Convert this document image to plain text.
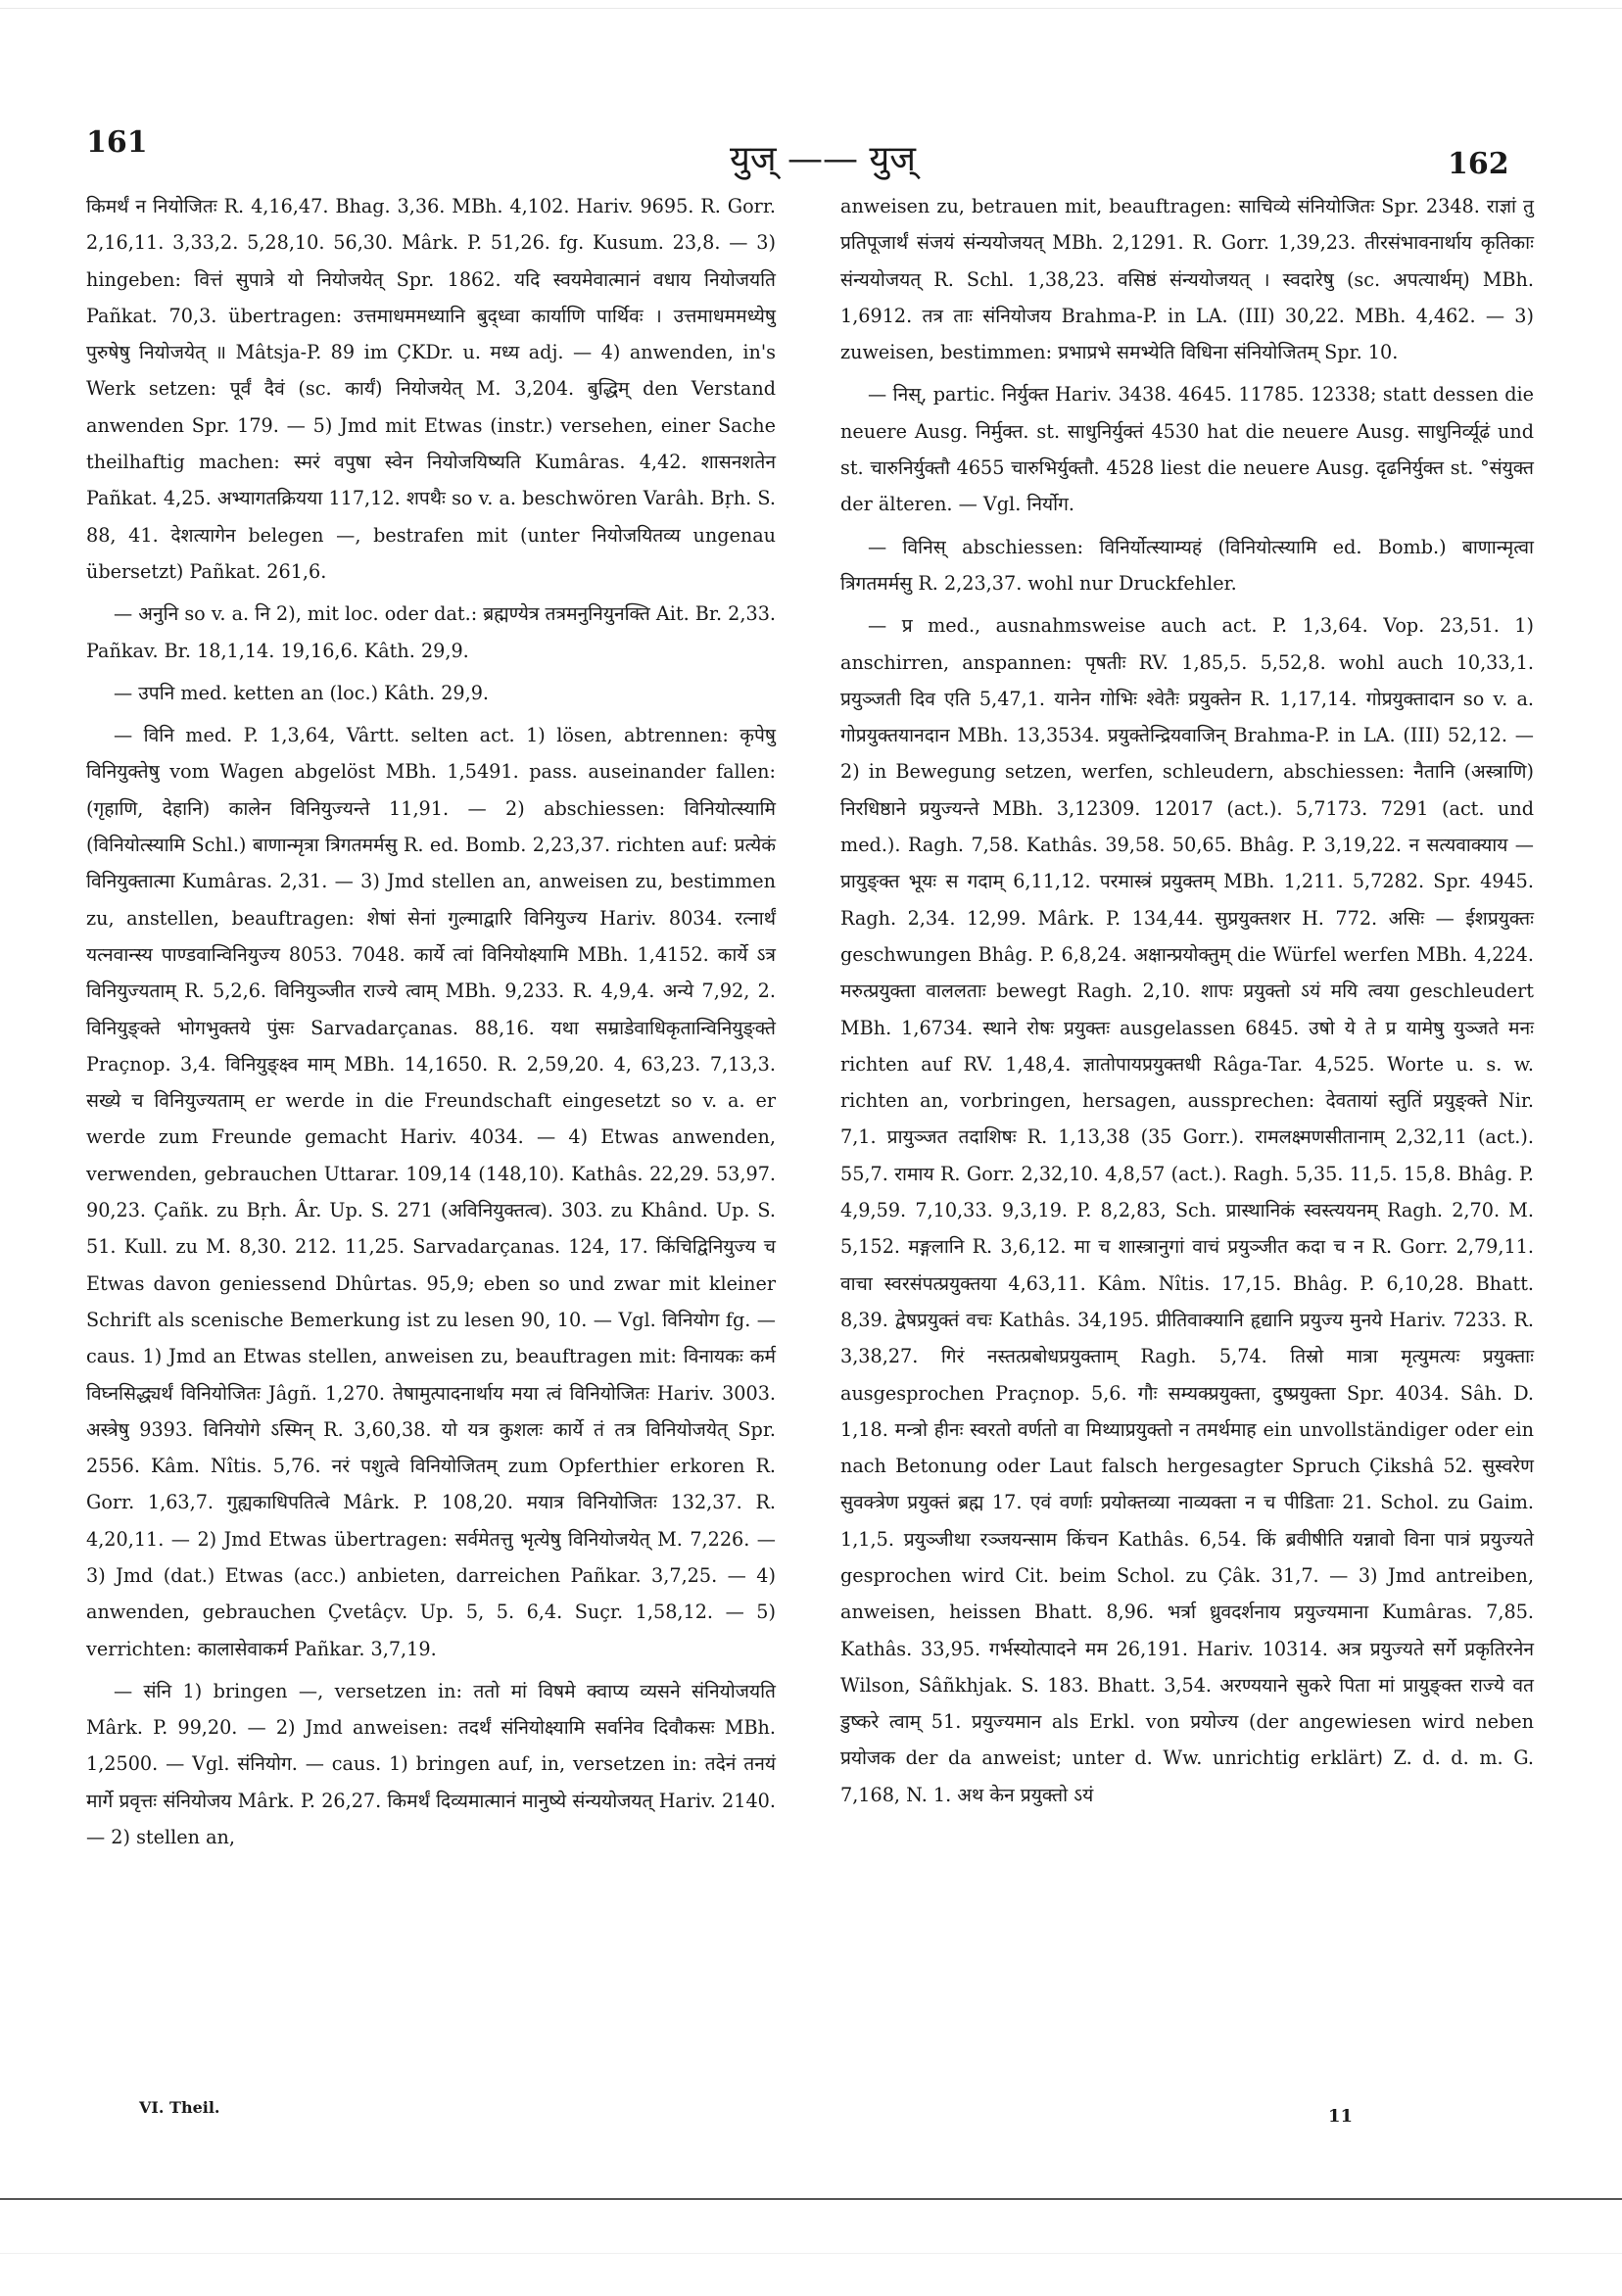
161	युज् —— युज्	162

किमर्थं न नियोजितः R. 4,16,47. Bhag. 3,36. MBh. 4,102. Hariv. 9695. R. Gorr. 2,16,11. 3,33,2. 5,28,10. 56,30. Mârk. P. 51,26. fg. Kusum. 23,8. — 3) hingeben: वित्तं सुपात्रे यो नियोजयेत् Spr. 1862. यदि स्वयमेवात्मानं वधाय नियोजयति Pañkat. 70,3. übertragen: उत्तमाधममध्यानि बुद्ध्वा कार्याणि पार्थिवः । उत्तमाधममध्येषु पुरुषेषु नियोजयेत् ॥ Mâtsja-P. 89 im ÇKDr. u. मध्य adj. — 4) anwenden, in's Werk setzen: पूर्वं दैवं (sc. कार्यं) नियोजयेत् M. 3,204. बुद्धिम् den Verstand anwenden Spr. 179. — 5) Jmd mit Etwas (instr.) versehen, einer Sache theilhaftig machen: स्मरं वपुषा स्वेन नियोजयिष्यति Kumâras. 4,42. शासनशतेन Pañkat. 4,25. अभ्यागतक्रियया 117,12. शपथैः so v. a. beschwören Varâh. Bṛh. S. 88, 41. देशत्यागेन belegen —, bestrafen mit (unter नियोजयितव्य ungenau übersetzt) Pañkat. 261,6.

— अनुनि so v. a. नि 2), mit loc. oder dat.: ब्रह्मण्येत्र तत्रमनुनियुनक्ति Ait. Br. 2,33. Pañkav. Br. 18,1,14. 19,16,6. Kâth. 29,9.

— उपनि med. ketten an (loc.) Kâth. 29,9.

— विनि med. P. 1,3,64, Vârtt. selten act. 1) lösen, abtrennen: कृपेषु विनियुक्तेषु vom Wagen abgelöst MBh. 1,5491. pass. auseinander fallen: (गृहाणि, देहानि) कालेन विनियुज्यन्ते 11,91. — 2) abschiessen: विनियोत्स्यामि (विनियोत्स्यामि Schl.) बाणान्मृत्रा त्रिगतमर्मसु R. ed. Bomb. 2,23,37. richten auf: प्रत्येकं विनियुक्तात्मा Kumâras. 2,31. — 3) Jmd stellen an, anweisen zu, bestimmen zu, anstellen, beauftragen: शेषां सेनां गुल्माद्वारि विनियुज्य Hariv. 8034. रत्नार्थं यत्नवान्स्य पाण्डवान्विनियुज्य 8053. 7048. कार्ये त्वां विनियोक्ष्यामि MBh. 1,4152. कार्ये ऽत्र विनियुज्यताम् R. 5,2,6. विनियुञ्जीत राज्ये त्वाम् MBh. 9,233. R. 4,9,4. अन्ये 7,92, 2. विनियुङ्क्ते भोगभुक्तये पुंसः Sarvadarçanas. 88,16. यथा सम्राडेवाधिकृतान्विनियुङ्क्ते Praçnop. 3,4. विनियुङ्क्ष्व माम् MBh. 14,1650. R. 2,59,20. 4, 63,23. 7,13,3. सख्ये च विनियुज्यताम् er werde in die Freundschaft eingesetzt so v. a. er werde zum Freunde gemacht Hariv. 4034. — 4) Etwas anwenden, verwenden, gebrauchen Uttarar. 109,14 (148,10). Kathâs. 22,29. 53,97. 90,23. Çañk. zu Bṛh. Âr. Up. S. 271 (अविनियुक्तत्व). 303. zu Khând. Up. S. 51. Kull. zu M. 8,30. 212. 11,25. Sarvadarçanas. 124, 17. किंचिद्विनियुज्य च Etwas davon geniessend Dhûrtas. 95,9; eben so und zwar mit kleiner Schrift als scenische Bemerkung ist zu lesen 90, 10. — Vgl. विनियोग fg. — caus. 1) Jmd an Etwas stellen, anweisen zu, beauftragen mit: विनायकः कर्म विघ्नसिद्ध्यर्थं विनियोजितः Jâgñ. 1,270. तेषामुत्पादनार्थाय मया त्वं विनियोजितः Hariv. 3003. अस्त्रेषु 9393. विनियोगे ऽस्मिन् R. 3,60,38. यो यत्र कुशलः कार्ये तं तत्र विनियोजयेत् Spr. 2556. Kâm. Nîtis. 5,76. नरं पशुत्वे विनियोजितम् zum Opferthier erkoren R. Gorr. 1,63,7. गुह्यकाधिपतित्वे Mârk. P. 108,20. मयात्र विनियोजितः 132,37. R. 4,20,11. — 2) Jmd Etwas übertragen: सर्वमेतत्तु भृत्येषु विनियोजयेत् M. 7,226. — 3) Jmd (dat.) Etwas (acc.) anbieten, darreichen Pañkar. 3,7,25. — 4) anwenden, gebrauchen Çvetâçv. Up. 5, 5. 6,4. Suçr. 1,58,12. — 5) verrichten: कालासेवाकर्म Pañkar. 3,7,19.

— संनि 1) bringen —, versetzen in: ततो मां विषमे क्वाप्य व्यसने संनियोजयति Mârk. P. 99,20. — 2) Jmd anweisen: तदर्थं संनियोक्ष्यामि सर्वानेव दिवौकसः MBh. 1,2500. — Vgl. संनियोग. — caus. 1) bringen auf, in, versetzen in: तदेनं तनयं मार्गे प्रवृत्तः संनियोजय Mârk. P. 26,27. किमर्थं दिव्यमात्मानं मानुष्ये संन्ययोजयत् Hariv. 2140. — 2) stellen an,

anweisen zu, betrauen mit, beauftragen: साचिव्ये संनियोजितः Spr. 2348. राज्ञां तु प्रतिपूजार्थं संजयं संन्ययोजयत् MBh. 2,1291. R. Gorr. 1,39,23. तीरसंभावनार्थाय कृतिकाः संन्ययोजयत् R. Schl. 1,38,23. वसिष्ठं संन्ययोजयत् । स्वदारेषु (sc. अपत्यार्थम्) MBh. 1,6912. तत्र ताः संनियोजय Brahma-P. in LA. (III) 30,22. MBh. 4,462. — 3) zuweisen, bestimmen: प्रभाप्रभे समभ्येति विधिना संनियोजितम् Spr. 10.

— निस्, partic. निर्युक्त Hariv. 3438. 4645. 11785. 12338; statt dessen die neuere Ausg. निर्मुक्त. st. साधुनिर्युक्तं 4530 hat die neuere Ausg. साधुनिर्व्यूढं und st. चारुनिर्युक्तौ 4655 चारुभिर्युक्तौ. 4528 liest die neuere Ausg. दृढनिर्युक्त st. °संयुक्त der älteren. — Vgl. निर्योग.

— विनिस् abschiessen: विनिर्योत्स्याम्यहं (विनियोत्स्यामि ed. Bomb.) बाणान्मृत्वा त्रिगतमर्मसु R. 2,23,37. wohl nur Druckfehler.

— प्र med., ausnahmsweise auch act. P. 1,3,64. Vop. 23,51. 1) anschirren, anspannen: पृषतीः RV. 1,85,5. 5,52,8. wohl auch 10,33,1. प्रयुञ्जती दिव एति 5,47,1. यानेन गोभिः श्वेतैः प्रयुक्तेन R. 1,17,14. गोप्रयुक्तादान so v. a. गोप्रयुक्तयानदान MBh. 13,3534. प्रयुक्तेन्द्रियवाजिन् Brahma-P. in LA. (III) 52,12. — 2) in Bewegung setzen, werfen, schleudern, abschiessen: नैतानि (अस्त्राणि) निरधिष्ठाने प्रयुज्यन्ते MBh. 3,12309. 12017 (act.). 5,7173. 7291 (act. und med.). Ragh. 7,58. Kathâs. 39,58. 50,65. Bhâg. P. 3,19,22. न सत्यवाक्याय — प्रायुङ्क्त भूयः स गदाम् 6,11,12. परमास्त्रं प्रयुक्तम् MBh. 1,211. 5,7282. Spr. 4945. Ragh. 2,34. 12,99. Mârk. P. 134,44. सुप्रयुक्तशर H. 772. असिः — ईशप्रयुक्तः geschwungen Bhâg. P. 6,8,24. अक्षान्प्रयोक्तुम् die Würfel werfen MBh. 4,224. मरुत्प्रयुक्ता वाललताः bewegt Ragh. 2,10. शापः प्रयुक्तो ऽयं मयि त्वया geschleudert MBh. 1,6734. स्थाने रोषः प्रयुक्तः ausgelassen 6845. उषो ये ते प्र यामेषु युञ्जते मनः richten auf RV. 1,48,4. ज्ञातोपायप्रयुक्तधी Râga-Tar. 4,525. Worte u. s. w. richten an, vorbringen, hersagen, aussprechen: देवतायां स्तुतिं प्रयुङ्क्ते Nir. 7,1. प्रायुञ्जत तदाशिषः R. 1,13,38 (35 Gorr.). रामलक्ष्मणसीतानाम् 2,32,11 (act.). 55,7. रामाय R. Gorr. 2,32,10. 4,8,57 (act.). Ragh. 5,35. 11,5. 15,8. Bhâg. P. 4,9,59. 7,10,33. 9,3,19. P. 8,2,83, Sch. प्रास्थानिकं स्वस्त्ययनम् Ragh. 2,70. M. 5,152. मङ्गलानि R. 3,6,12. मा च शास्त्रानुगां वाचं प्रयुञ्जीत कदा च न R. Gorr. 2,79,11. वाचा स्वरसंपत्प्रयुक्तया 4,63,11. Kâm. Nîtis. 17,15. Bhâg. P. 6,10,28. Bhatt. 8,39. द्वेषप्रयुक्तं वचः Kathâs. 34,195. प्रीतिवाक्यानि हृद्यानि प्रयुज्य मुनये Hariv. 7233. R. 3,38,27. गिरं नस्तत्प्रबोधप्रयुक्ताम् Ragh. 5,74. तिस्रो मात्रा मृत्युमत्यः प्रयुक्ताः ausgesprochen Praçnop. 5,6. गौः सम्यक्प्रयुक्ता, दुष्प्रयुक्ता Spr. 4034. Sâh. D. 1,18. मन्त्रो हीनः स्वरतो वर्णतो वा मिथ्याप्रयुक्तो न तमर्थमाह ein unvollständiger oder ein nach Betonung oder Laut falsch hergesagter Spruch Çikshâ 52. सुस्वरेण सुवक्त्रेण प्रयुक्तं ब्रह्म 17. एवं वर्णाः प्रयोक्तव्या नाव्यक्ता न च पीडिताः 21. Schol. zu Gaim. 1,1,5. प्रयुञ्जीथा रञ्जयन्साम किंचन Kathâs. 6,54. किं ब्रवीषीति यन्नावो विना पात्रं प्रयुज्यते gesprochen wird Cit. beim Schol. zu Çâk. 31,7. — 3) Jmd antreiben, anweisen, heissen Bhatt. 8,96. भर्त्रा ध्रुवदर्शनाय प्रयुज्यमाना Kumâras. 7,85. Kathâs. 33,95. गर्भस्योत्पादने मम 26,191. Hariv. 10314. अत्र प्रयुज्यते सर्गे प्रकृतिरनेन Wilson, Sâñkhjak. S. 183. Bhatt. 3,54. अरण्ययाने सुकरे पिता मां प्रायुङ्क्त राज्ये वत डुष्करे त्वाम् 51. प्रयुज्यमान als Erkl. von प्रयोज्य (der angewiesen wird neben प्रयोजक der da anweist; unter d. Ww. unrichtig erklärt) Z. d. d. m. G. 7,168, N. 1. अथ केन प्रयुक्तो ऽयं

VI. Theil.	11
